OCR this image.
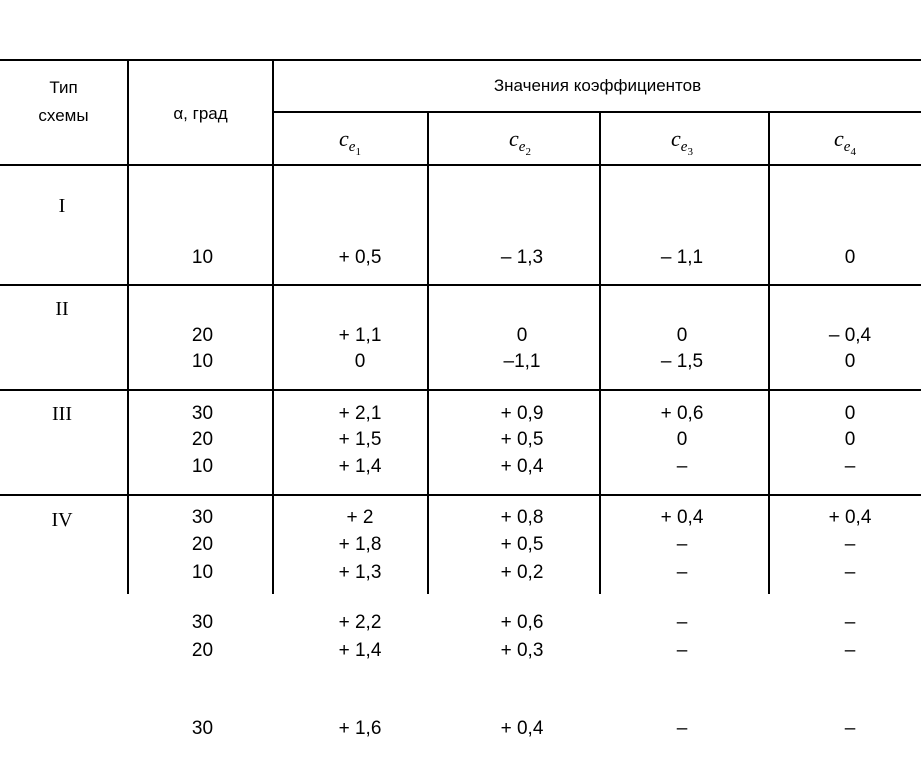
Тип
схемы	α, град
Значения коэффициентов
$c_{e_1}$
$c_{e_2}$
$c_{e_3}$
$c_{e_4}$
I

10

20

30

+ 0,5

+ 1,1

+ 2,1

– 1,3

0

+ 0,9

– 1,1

0

+ 0,6

0

– 0,4

0

II

10

20

30

0

+ 1,5

+ 2

–1,1

+ 0,5

+ 0,8

– 1,5

0

+ 0,4

0

0

+ 0,4

III

10

20

30

+ 1,4

+ 1,8

+ 2,2

+ 0,4

+ 0,5

+ 0,6

–

–

–

–

–

–

IV

10

20

30

+ 1,3

+ 1,4

+ 1,6

+ 0,2

+ 0,3

+ 0,4

–

–

–

–

–

–
